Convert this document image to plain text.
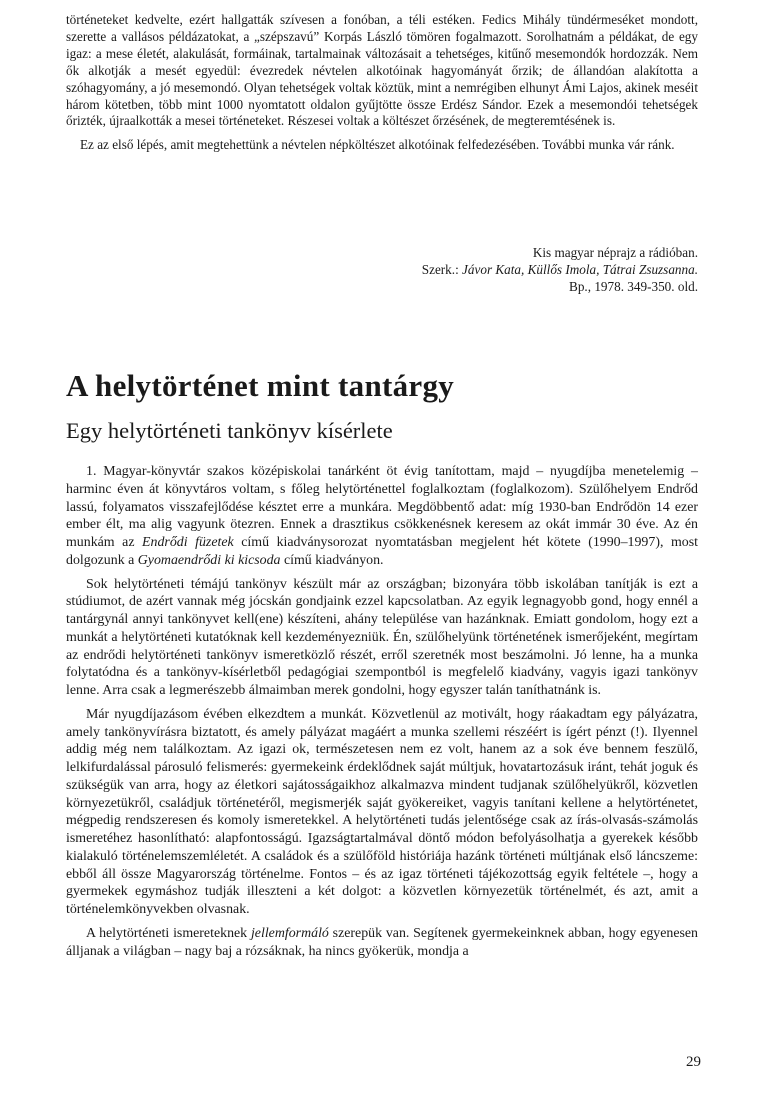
történeteket kedvelte, ezért hallgatták szívesen a fonóban, a téli estéken. Fedics Mihály tündérmeséket mondott, szerette a vallásos példázatokat, a „szépszavú” Korpás László tömören fogalmazott. Sorolhatnám a példákat, de egy igaz: a mese életét, alakulását, formáinak, tartalmainak változásait a tehetséges, kitűnő mesemondók hordozzák. Nem ők alkotják a mesét egyedül: évezredek névtelen alkotóinak hagyományát őrzik; de állandóan alakította a szóhagyomány, a jó mesemondó. Olyan tehetségek voltak köztük, mint a nemrégiben elhunyt Ámi Lajos, akinek meséit három kötetben, több mint 1000 nyomtatott oldalon gyűjtötte össze Erdész Sándor. Ezek a mesemondói tehetségek őrizték, újraalkották a mesei történeteket. Részesei voltak a költészet őrzésének, de megteremtésének is.

Ez az első lépés, amit megtehettünk a névtelen népköltészet alkotóinak felfedezésében. További munka vár ránk.

Kis magyar néprajz a rádióban.
Szerk.: Jávor Kata, Küllős Imola, Tátrai Zsuzsanna.
Bp., 1978. 349-350. old.
A helytörténet mint tantárgy
Egy helytörténeti tankönyv kísérlete

1. Magyar-könyvtár szakos középiskolai tanárként öt évig tanítottam, majd – nyugdíjba menetelemig – harminc éven át könyvtáros voltam, s főleg helytörténettel foglalkoztam (foglalkozom). Szülőhelyem Endrőd lassú, folyamatos visszafejlődése késztet erre a munkára. Megdöbbentő adat: míg 1930-ban Endrődön 14 ezer ember élt, ma alig vagyunk ötezren. Ennek a drasztikus csökkenésnek keresem az okát immár 30 éve. Az én munkám az Endrődi füzetek című kiadványsorozat nyomtatásban megjelent hét kötete (1990–1997), most dolgozunk a Gyomaendrődi ki kicsoda című kiadványon.

Sok helytörténeti témájú tankönyv készült már az országban; bizonyára több iskolában tanítják is ezt a stúdiumot, de azért vannak még jócskán gondjaink ezzel kapcsolatban. Az egyik legnagyobb gond, hogy ennél a tantárgynál annyi tankönyvet kell(ene) készíteni, ahány települése van hazánknak. Emiatt gondolom, hogy ezt a munkát a helytörténeti kutatóknak kell kezdeményezniük. Én, szülőhelyünk történetének ismerőjeként, megírtam az endrődi helytörténeti tankönyv ismeretközlő részét, erről szeretnék most beszámolni. Jó lenne, ha a munka folytatódna és a tankönyv-kísérletből pedagógiai szempontból is megfelelő kiadvány, vagyis igazi tankönyv lenne. Arra csak a legmerészebb álmaimban merek gondolni, hogy egyszer talán taníthatnánk is.

Már nyugdíjazásom évében elkezdtem a munkát. Közvetlenül az motivált, hogy ráakadtam egy pályázatra, amely tankönyvírásra biztatott, és amely pályázat magáért a munka szellemi részéért is ígért pénzt (!). Ilyennel addig még nem találkoztam. Az igazi ok, természetesen nem ez volt, hanem az a sok éve bennem feszülő, lelkifurdalással párosuló felismerés: gyermekeink érdeklődnek saját múltjuk, hovatartozásuk iránt, tehát joguk és szükségük van arra, hogy az életkori sajátosságaikhoz alkalmazva mindent tudjanak szülőhelyükről, közvetlen környezetükről, családjuk történetéről, megismerjék saját gyökereiket, vagyis tanítani kellene a helytörténetet, mégpedig rendszeresen és komoly ismeretekkel. A helytörténeti tudás jelentősége csak az írás-olvasás-számolás ismeretéhez hasonlítható: alapfontosságú. Igazságtartalmával döntő módon befolyásolhatja a gyerekek később kialakuló történelemszemléletét. A családok és a szülőföld históriája hazánk történeti múltjának első láncszeme: ebből áll össze Magyarország történelme. Fontos – és az igaz történeti tájékozottság egyik feltétele –, hogy a gyermekek egymáshoz tudják illeszteni a két dolgot: a közvetlen környezetük történelmét, és azt, amit a történelemkönyvekben olvasnak.

A helytörténeti ismereteknek jellemformáló szerepük van. Segítenek gyermekeinknek abban, hogy egyenesen álljanak a világban – nagy baj a rózsáknak, ha nincs gyökerük, mondja a

29
